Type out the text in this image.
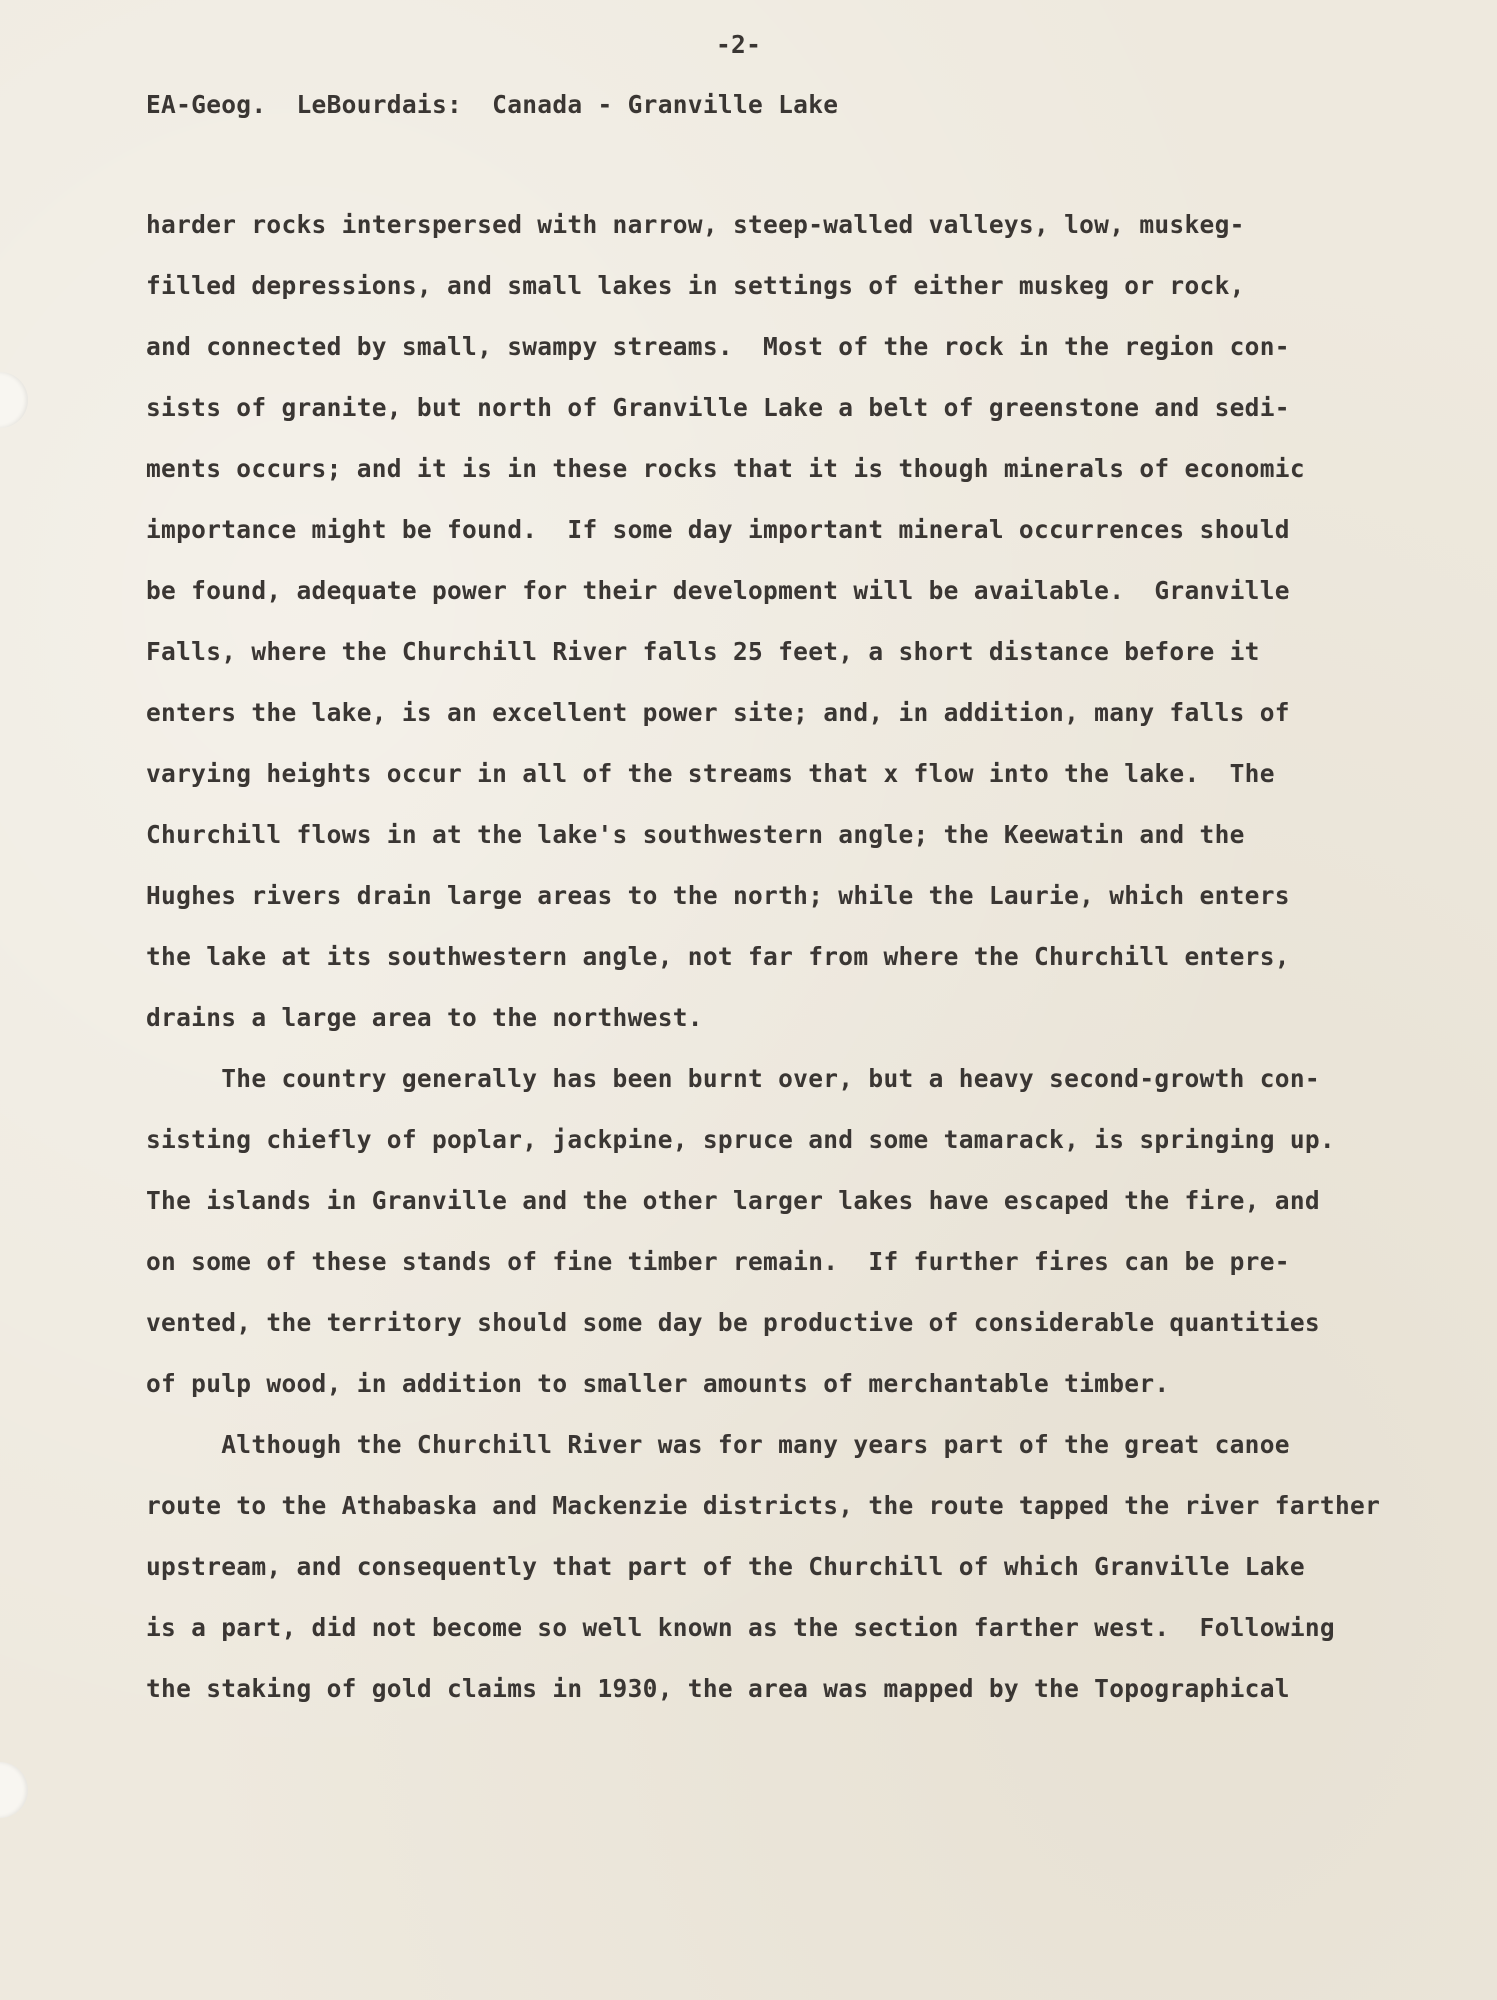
-2-
EA-Geog.  LeBourdais:  Canada - Granville Lake
harder rocks interspersed with narrow, steep-walled valleys, low, muskeg-
filled depressions, and small lakes in settings of either muskeg or rock,
and connected by small, swampy streams.  Most of the rock in the region con-
sists of granite, but north of Granville Lake a belt of greenstone and sedi-
ments occurs; and it is in these rocks that it is though minerals of economic
importance might be found.  If some day important mineral occurrences should
be found, adequate power for their development will be available.  Granville
Falls, where the Churchill River falls 25 feet, a short distance before it
enters the lake, is an excellent power site; and, in addition, many falls of
varying heights occur in all of the streams that x flow into the lake.  The
Churchill flows in at the lake's southwestern angle; the Keewatin and the
Hughes rivers drain large areas to the north; while the Laurie, which enters
the lake at its southwestern angle, not far from where the Churchill enters,
drains a large area to the northwest.
The country generally has been burnt over, but a heavy second-growth con-
sisting chiefly of poplar, jackpine, spruce and some tamarack, is springing up.
The islands in Granville and the other larger lakes have escaped the fire, and
on some of these stands of fine timber remain.  If further fires can be pre-
vented, the territory should some day be productive of considerable quantities
of pulp wood, in addition to smaller amounts of merchantable timber.
Although the Churchill River was for many years part of the great canoe
route to the Athabaska and Mackenzie districts, the route tapped the river farther
upstream, and consequently that part of the Churchill of which Granville Lake
is a part, did not become so well known as the section farther west.  Following
the staking of gold claims in 1930, the area was mapped by the Topographical
